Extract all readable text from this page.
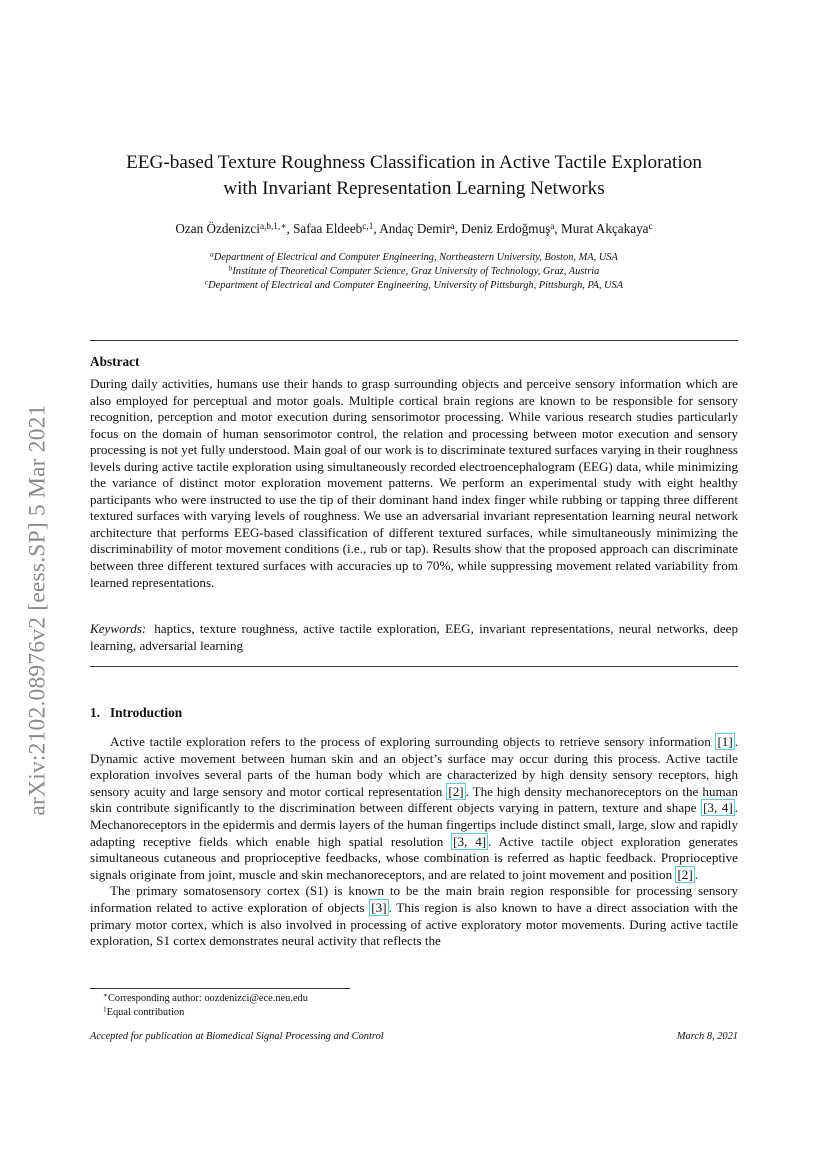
arXiv:2102.08976v2 [eess.SP] 5 Mar 2021
EEG-based Texture Roughness Classification in Active Tactile Exploration
with Invariant Representation Learning Networks
Ozan Özdenizci$^{a,b,1,∗}$, Safaa Eldeeb$^{c,1}$, Andaç Demir$^a$, Deniz Erdoğmuş$^a$, Murat Akçakaya$^c$
$^a$Department of Electrical and Computer Engineering, Northeastern University, Boston, MA, USA
$^b$Institute of Theoretical Computer Science, Graz University of Technology, Graz, Austria
$^c$Department of Electrical and Computer Engineering, University of Pittsburgh, Pittsburgh, PA, USA
Abstract
During daily activities, humans use their hands to grasp surrounding objects and perceive sensory information which are also employed for perceptual and motor goals. Multiple cortical brain regions are known to be responsible for sensory recognition, perception and motor execution during sensorimotor processing. While various research studies particularly focus on the domain of human sensorimotor control, the relation and processing between motor execution and sensory processing is not yet fully understood. Main goal of our work is to discriminate textured surfaces varying in their roughness levels during active tactile exploration using simultaneously recorded electroencephalogram (EEG) data, while minimizing the variance of distinct motor exploration movement patterns. We perform an experimental study with eight healthy participants who were instructed to use the tip of their dominant hand index finger while rubbing or tapping three different textured surfaces with varying levels of roughness. We use an adversarial invariant representation learning neural network architecture that performs EEG-based classification of different textured surfaces, while simultaneously minimizing the discriminability of motor movement conditions (i.e., rub or tap). Results show that the proposed approach can discriminate between three different textured surfaces with accuracies up to 70%, while suppressing movement related variability from learned representations.
Keywords: haptics, texture roughness, active tactile exploration, EEG, invariant representations, neural networks, deep learning, adversarial learning
1. Introduction

Active tactile exploration refers to the process of exploring surrounding objects to retrieve sensory information [1] . Dynamic active movement between human skin and an object’s surface may occur during this process. Active tactile exploration involves several parts of the human body which are characterized by high density sensory receptors, high sensory acuity and large sensory and motor cortical representation [2] . The high density mechanoreceptors on the human skin contribute significantly to the discrimination between different objects varying in pattern, texture and shape [3, 4] . Mechanoreceptors in the epidermis and dermis layers of the human fingertips include distinct small, large, slow and rapidly adapting receptive fields which enable high spatial resolution [3, 4] . Active tactile object exploration generates simultaneous cutaneous and proprioceptive feedbacks, whose combination is referred as haptic feedback. Proprioceptive signals originate from joint, muscle and skin mechanoreceptors, and are related to joint movement and position [2] .

The primary somatosensory cortex (S1) is known to be the main brain region responsible for processing sensory information related to active exploration of objects [3] . This region is also known to have a direct association with the primary motor cortex, which is also involved in processing of active exploratory motor movements. During active tactile exploration, S1 cortex demonstrates neural activity that reflects the

∗Corresponding author: oozdenizci@ece.neu.edu
$^1$Equal contribution
Accepted for publication at Biomedical Signal Processing and Control	March 8, 2021
